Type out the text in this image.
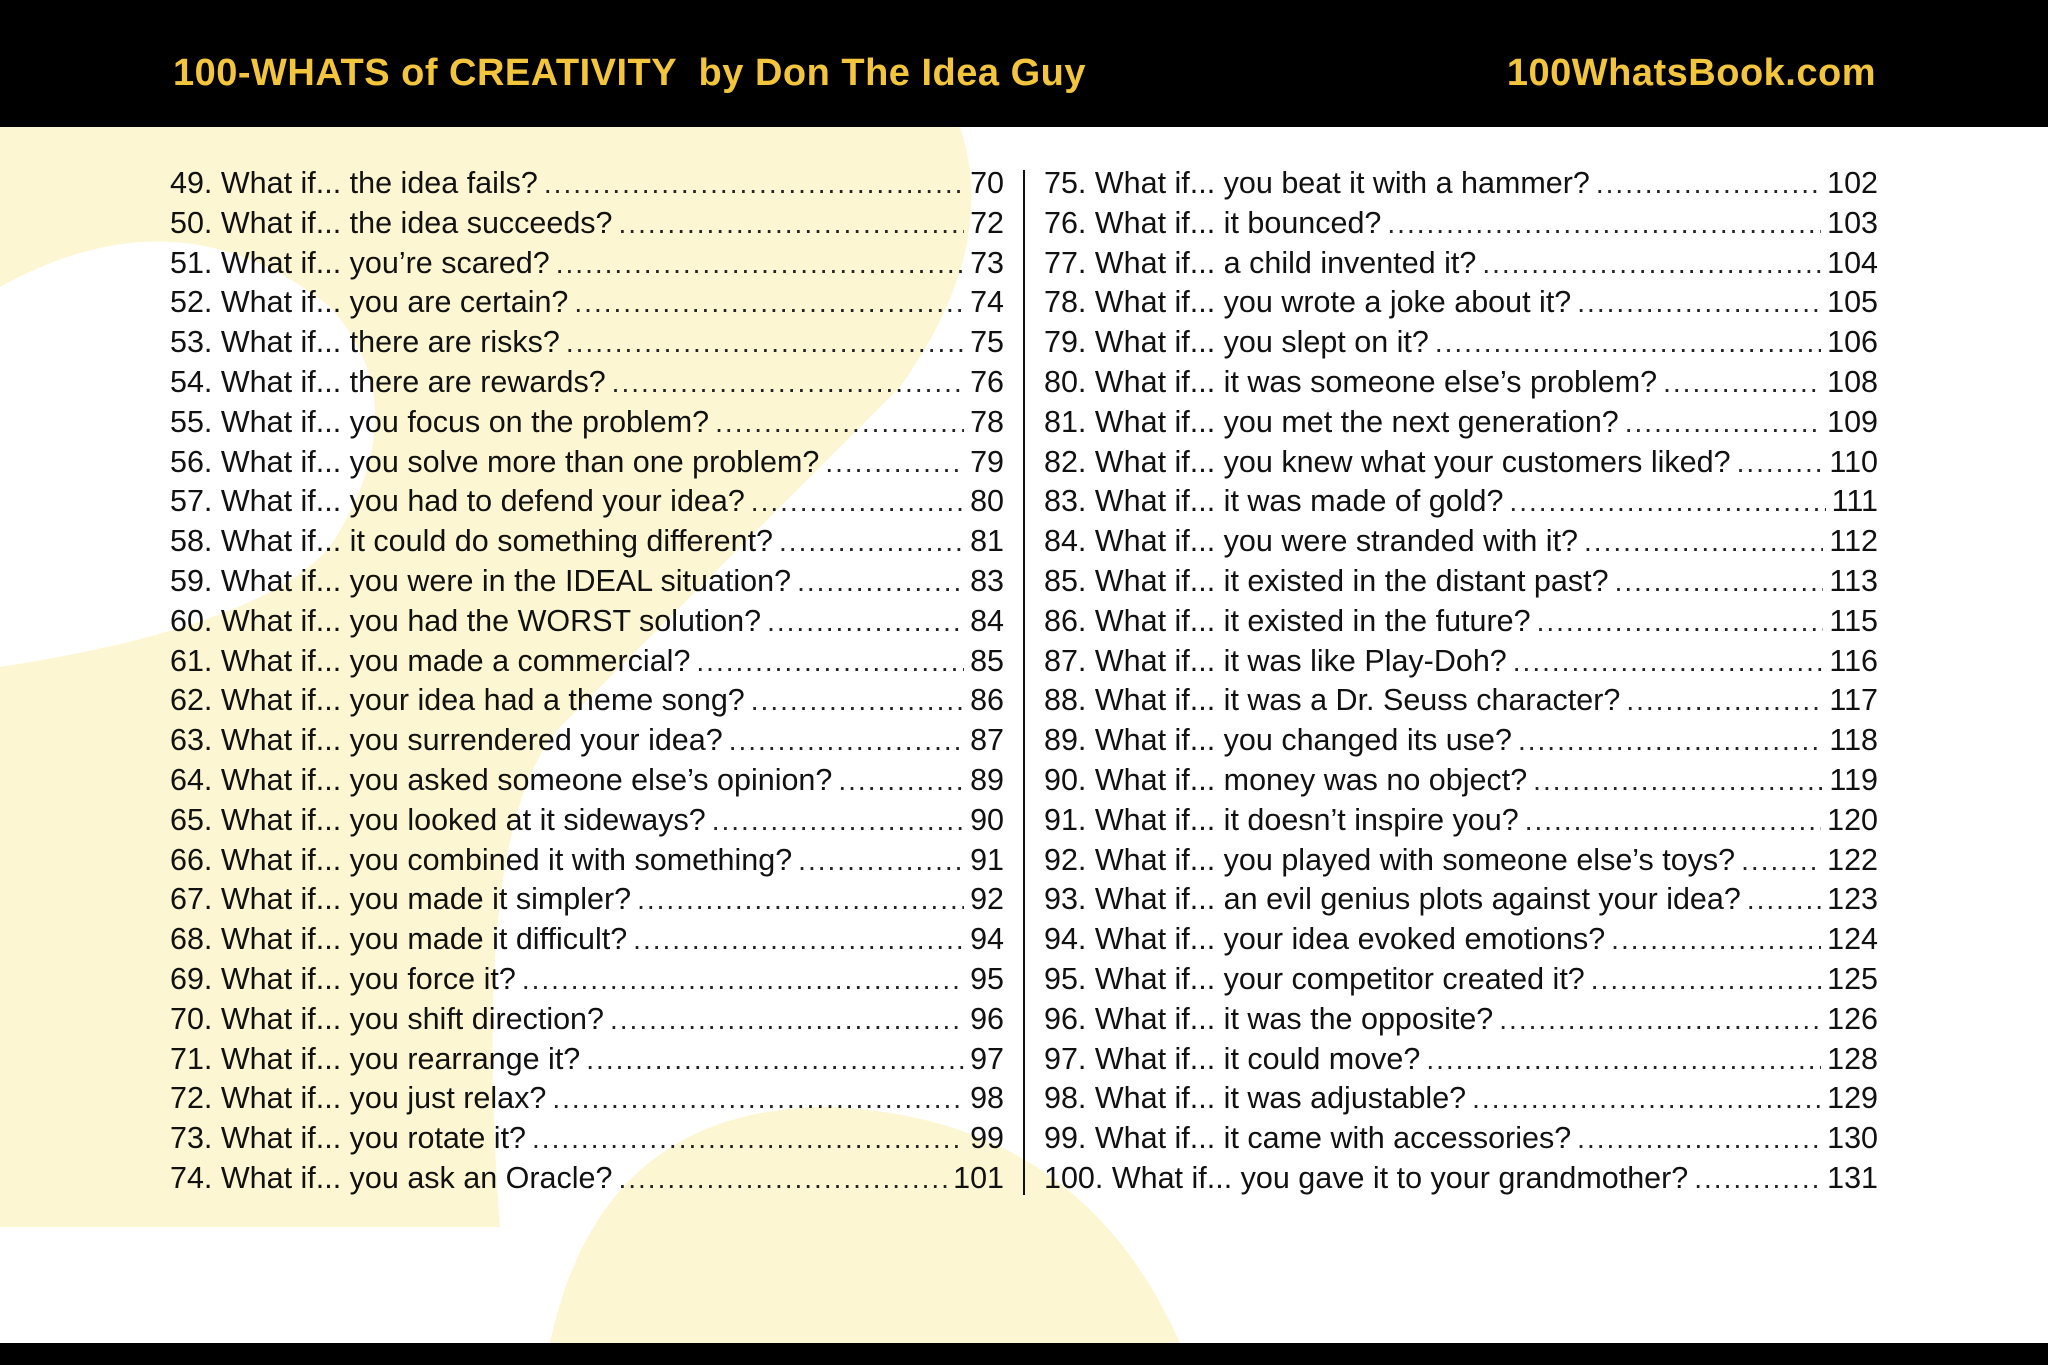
100-WHATS of CREATIVITY  by Don The Idea Guy	100WhatsBook.com
49. What if... the idea fails? .....	70
50. What if... the idea succeeds? .....	72
51. What if... you’re scared? .....	73
52. What if... you are certain? .....	74
53. What if... there are risks? .....	75
54. What if... there are rewards? .....	76
55. What if... you focus on the problem? .....	78
56. What if... you solve more than one problem? .....	79
57. What if... you had to defend your idea? .....	80
58. What if... it could do something different? .....	81
59. What if... you were in the IDEAL situation? .....	83
60. What if... you had the WORST solution? .....	84
61. What if... you made a commercial? .....	85
62. What if... your idea had a theme song? .....	86
63. What if... you surrendered your idea? .....	87
64. What if... you asked someone else’s opinion? .....	89
65. What if... you looked at it sideways? .....	90
66. What if... you combined it with something? .....	91
67. What if... you made it simpler? .....	92
68. What if... you made it difficult? .....	94
69. What if... you force it? .....	95
70. What if... you shift direction? .....	96
71. What if... you rearrange it? .....	97
72. What if... you just relax? .....	98
73. What if... you rotate it? .....	99
74. What if... you ask an Oracle? .....	101
75. What if... you beat it with a hammer? .....	102
76. What if... it bounced? .....	103
77. What if... a child invented it? .....	104
78. What if... you wrote a joke about it? .....	105
79. What if... you slept on it? .....	106
80. What if... it was someone else’s problem? .....	108
81. What if... you met the next generation? .....	109
82. What if... you knew what your customers liked? .....	110
83. What if... it was made of gold? .....	111
84. What if... you were stranded with it? .....	112
85. What if... it existed in the distant past? .....	113
86. What if... it existed in the future? .....	115
87. What if... it was like Play-Doh? .....	116
88. What if... it was a Dr. Seuss character? .....	117
89. What if... you changed its use? .....	118
90. What if... money was no object? .....	119
91. What if... it doesn’t inspire you? .....	120
92. What if... you played with someone else’s toys? .....	122
93. What if... an evil genius plots against your idea? .....	123
94. What if... your idea evoked emotions? .....	124
95. What if... your competitor created it? .....	125
96. What if... it was the opposite? .....	126
97. What if... it could move? .....	128
98. What if... it was adjustable? .....	129
99. What if... it came with accessories? .....	130
100. What if... you gave it to your grandmother? .....	131
